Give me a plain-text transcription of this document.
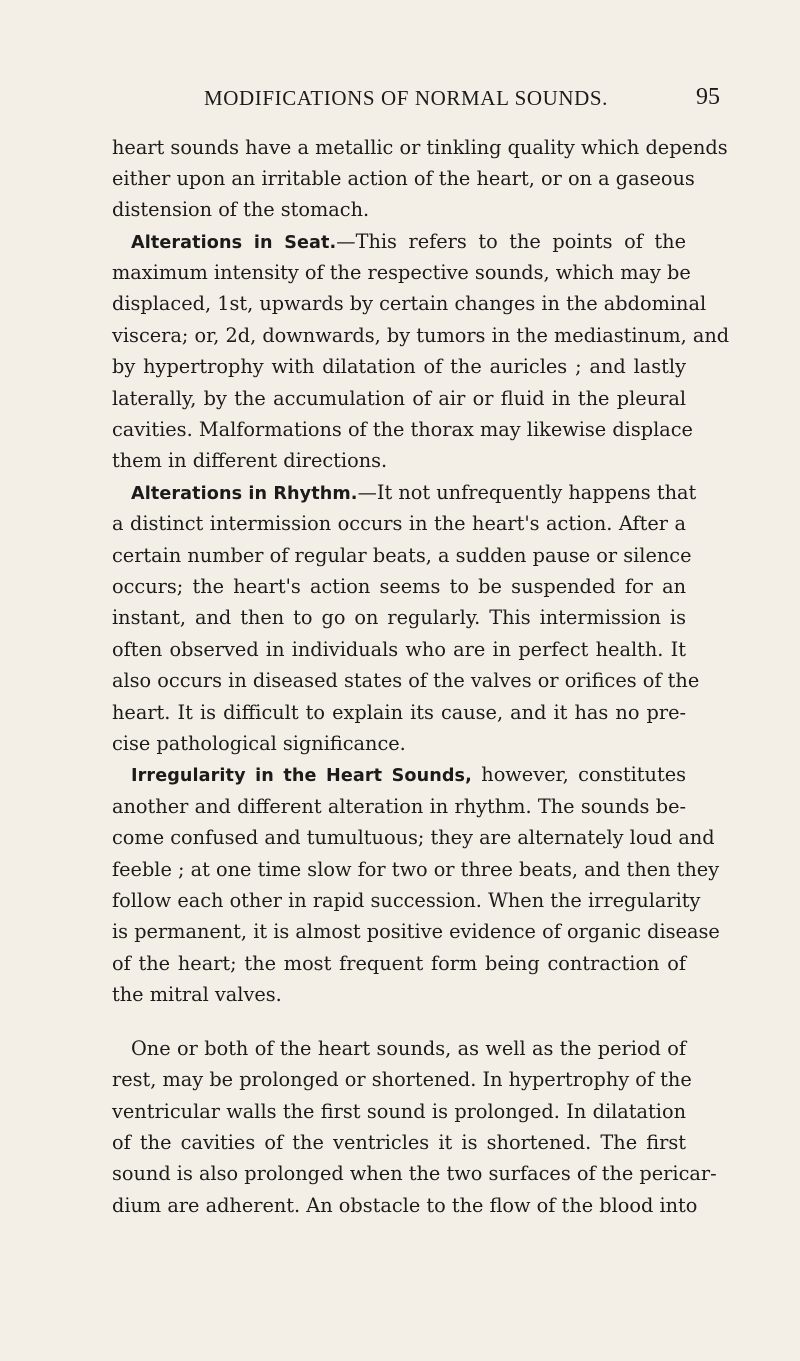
MODIFICATIONS OF NORMAL SOUNDS.	95
heart sounds have a metallic or tinkling quality which depends
either upon an irritable action of the heart, or on a gaseous
distension of the stomach.
Alterations in Seat.—This refers to the points of the
maximum intensity of the respective sounds, which may be
displaced, 1st, upwards by certain changes in the abdominal
viscera; or, 2d, downwards, by tumors in the mediastinum, and
by hypertrophy with dilatation of the auricles ; and lastly
laterally, by the accumulation of air or fluid in the pleural
cavities. Malformations of the thorax may likewise displace
them in different directions.
Alterations in Rhythm.—It not unfrequently happens that
a distinct intermission occurs in the heart's action. After a
certain number of regular beats, a sudden pause or silence
occurs; the heart's action seems to be suspended for an
instant, and then to go on regularly. This intermission is
often observed in individuals who are in perfect health. It
also occurs in diseased states of the valves or orifices of the
heart. It is difficult to explain its cause, and it has no pre-
cise pathological significance.
Irregularity in the Heart Sounds, however, constitutes
another and different alteration in rhythm. The sounds be-
come confused and tumultuous; they are alternately loud and
feeble ; at one time slow for two or three beats, and then they
follow each other in rapid succession. When the irregularity
is permanent, it is almost positive evidence of organic disease
of the heart; the most frequent form being contraction of
the mitral valves.
One or both of the heart sounds, as well as the period of
rest, may be prolonged or shortened. In hypertrophy of the
ventricular walls the first sound is prolonged. In dilatation
of the cavities of the ventricles it is shortened. The first
sound is also prolonged when the two surfaces of the pericar-
dium are adherent. An obstacle to the flow of the blood into
